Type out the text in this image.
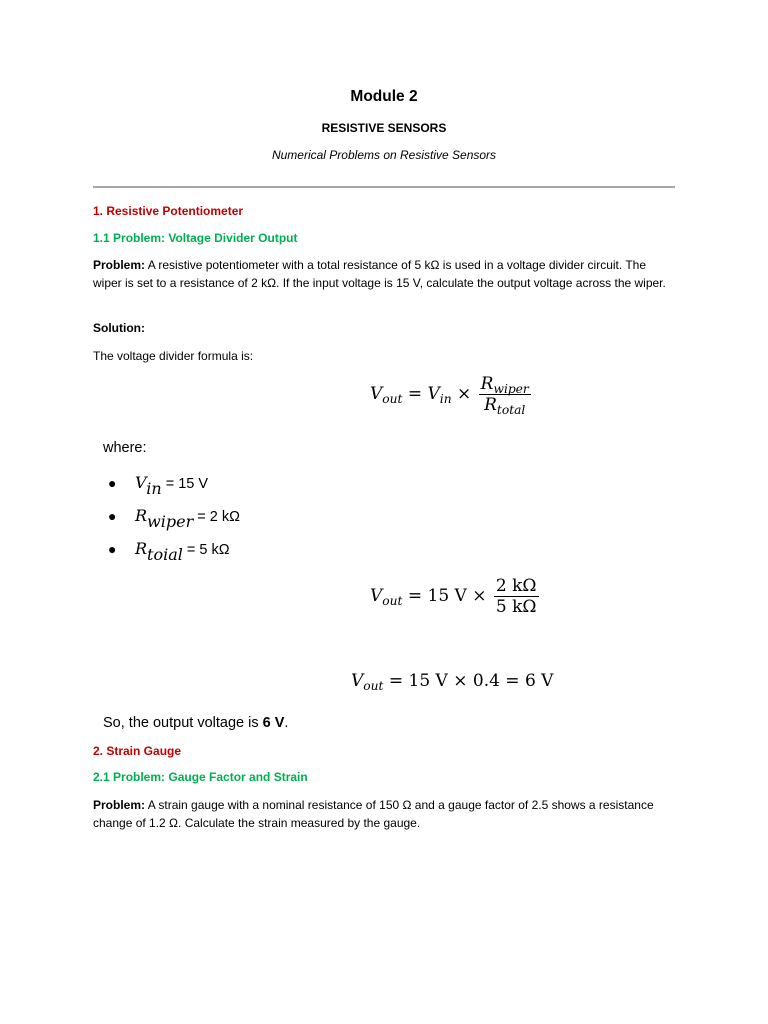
Module 2
RESISTIVE SENSORS
Numerical Problems on Resistive Sensors
1. Resistive Potentiometer
1.1 Problem: Voltage Divider Output
Problem: A resistive potentiometer with a total resistance of 5 kΩ is used in a voltage divider circuit. The wiper is set to a resistance of 2 kΩ. If the input voltage is 15 V, calculate the output voltage across the wiper.
Solution:
The voltage divider formula is:
$V_{out} = V_{in} \times \frac{R_{wiper}}{R_{total}}$
where:
● Vin = 15 V
● Rwiper = 2 kΩ
● Rtoial = 5 kΩ
$V_{out} = 15$ $V \times \frac{2 k\Omega}{5 k\Omega}$
$V_{out} = 15$ V × 0.4 = 6 V
So, the output voltage is 6 V.
2. Strain Gauge
2.1 Problem: Gauge Factor and Strain
Problem: A strain gauge with a nominal resistance of 150 Ω and a gauge factor of 2.5 shows a resistance change of 1.2 Ω. Calculate the strain measured by the gauge.
